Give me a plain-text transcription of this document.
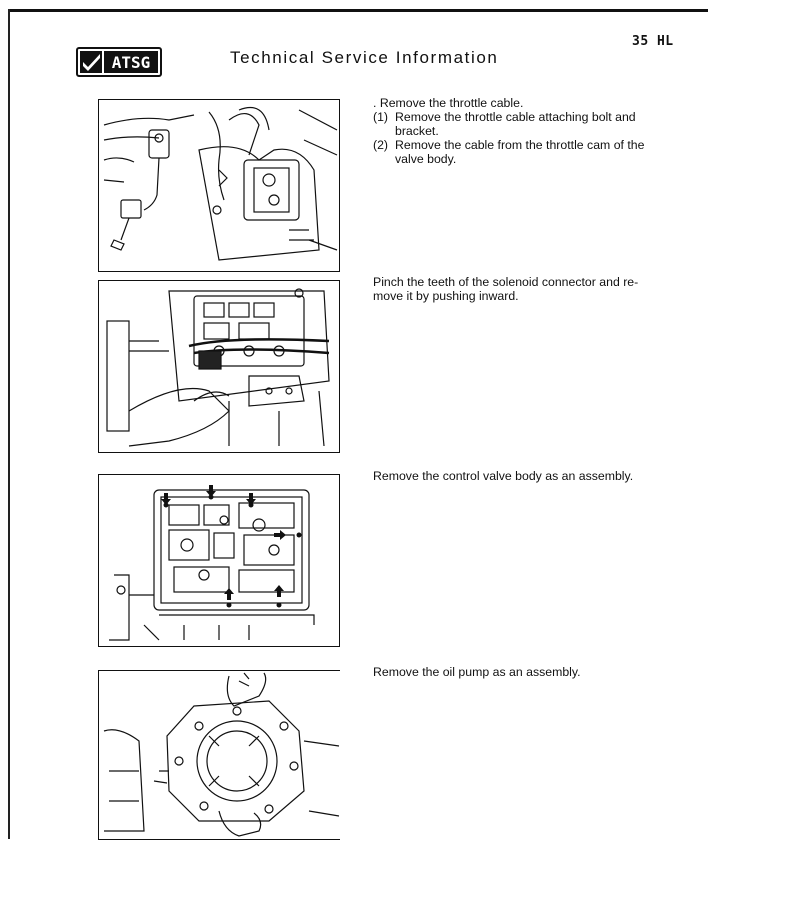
ATSG	Technical Service Information
35 HL
. Remove the throttle cable.
(1) Remove the throttle cable attaching bolt and bracket.
(2) Remove the cable from the throttle cam of the valve body.
Pinch the teeth of the solenoid connector and re-move it by pushing inward.
Remove the control valve body as an assembly.
Remove the oil pump as an assembly.
